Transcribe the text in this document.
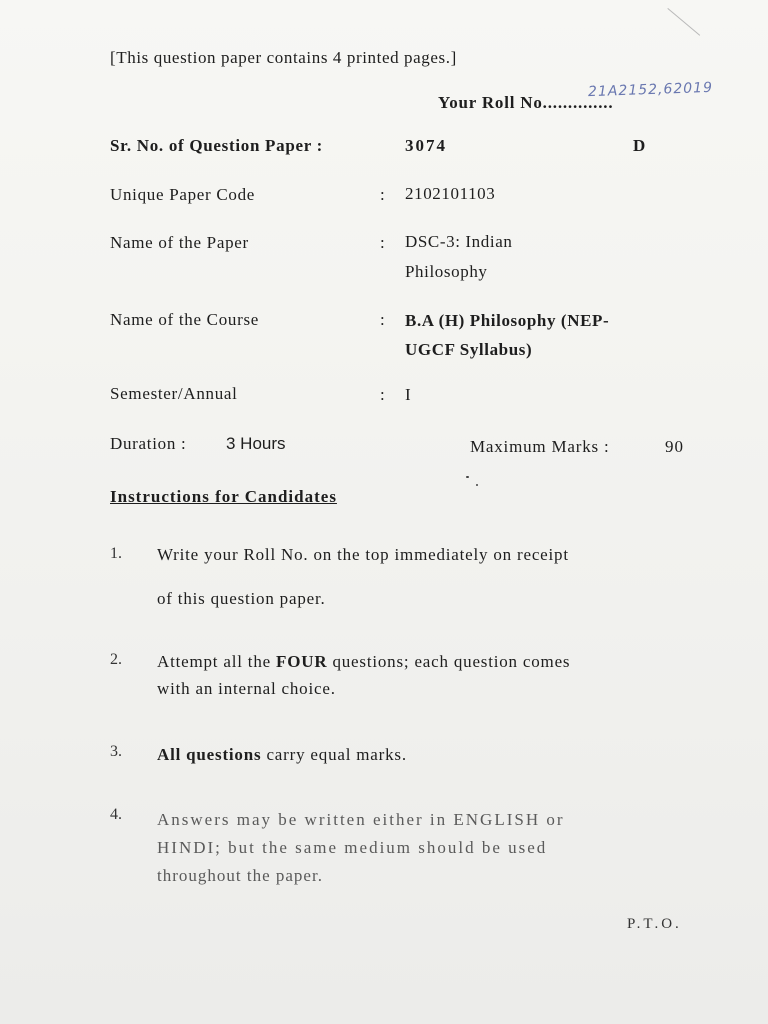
[This question paper contains 4 printed pages.]
Your Roll No..............
21A2152,62019
Sr. No. of Question Paper :	3074	D
Unique Paper Code	: 2102101103
Name of the Paper	: DSC-3: Indian
Philosophy
Name of the Course	: B.A (H) Philosophy (NEP-
UGCF Syllabus)
Semester/Annual	: I
Duration : 3 Hours	Maximum Marks :	90
Instructions for Candidates
1. Write your Roll No. on the top immediately on receipt
of this question paper.
2. Attempt all the FOUR questions; each question comes
with an internal choice.
3. All questions carry equal marks.
4. Answers may be written either in ENGLISH or
HINDI; but the same medium should be used
throughout the paper.
P.T.O.
